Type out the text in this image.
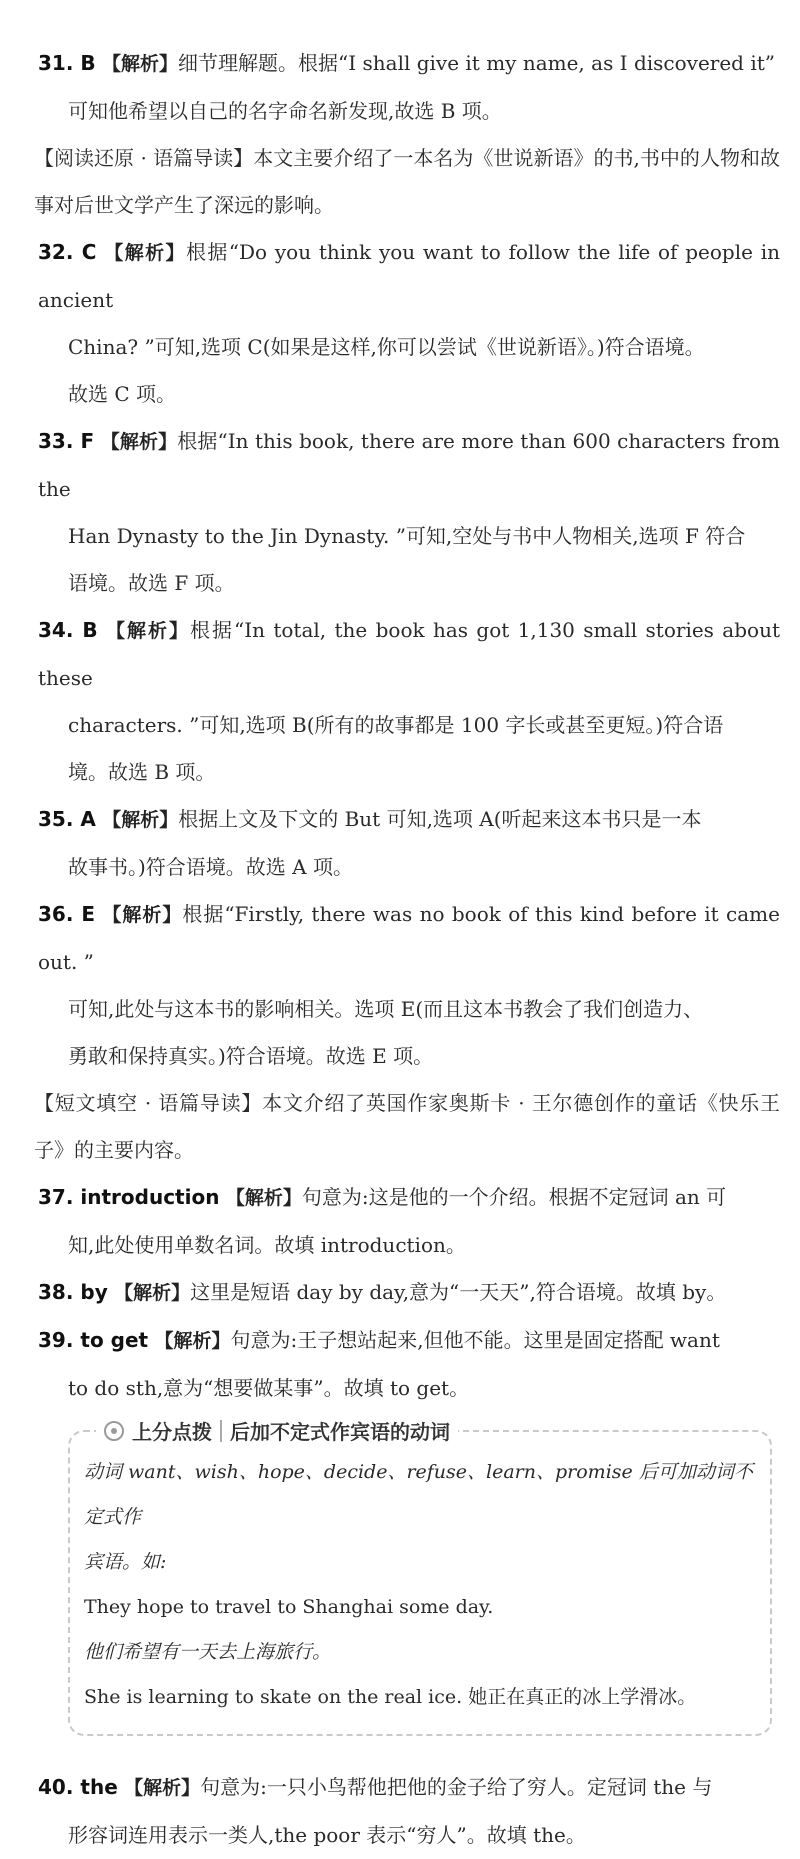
31. B 【解析】细节理解题。根据“I shall give it my name, as I discovered it”
可知他希望以自己的名字命名新发现,故选 B 项。
【阅读还原 · 语篇导读】本文主要介绍了一本名为《世说新语》的书,书中的人物和故事对后世文学产生了深远的影响。
32. C 【解析】根据“Do you think you want to follow the life of people in ancient
China? ”可知,选项 C(如果是这样,你可以尝试《世说新语》。)符合语境。
故选 C 项。
33. F 【解析】根据“In this book, there are more than 600 characters from the
Han Dynasty to the Jin Dynasty. ”可知,空处与书中人物相关,选项 F 符合
语境。故选 F 项。
34. B 【解析】根据“In total, the book has got 1,130 small stories about these
characters. ”可知,选项 B(所有的故事都是 100 字长或甚至更短。)符合语
境。故选 B 项。
35. A 【解析】根据上文及下文的 But 可知,选项 A(听起来这本书只是一本
故事书。)符合语境。故选 A 项。
36. E 【解析】根据“Firstly, there was no book of this kind before it came out. ”
可知,此处与这本书的影响相关。选项 E(而且这本书教会了我们创造力、
勇敢和保持真实。)符合语境。故选 E 项。
【短文填空 · 语篇导读】本文介绍了英国作家奥斯卡 · 王尔德创作的童话《快乐王子》的主要内容。
37. introduction 【解析】句意为:这是他的一个介绍。根据不定冠词 an 可
知,此处使用单数名词。故填 introduction。
38. by 【解析】这里是短语 day by day,意为“一天天”,符合语境。故填 by。
39. to get 【解析】句意为:王子想站起来,但他不能。这里是固定搭配 want
to do sth,意为“想要做某事”。故填 to get。
上分点拨 后加不定式作宾语的动词
动词 want、wish、hope、decide、refuse、learn、promise 后可加动词不定式作
宾语。如:
They hope to travel to Shanghai some day.
他们希望有一天去上海旅行。
She is learning to skate on the real ice. 她正在真正的冰上学滑冰。
40. the 【解析】句意为:一只小鸟帮他把他的金子给了穷人。定冠词 the 与
形容词连用表示一类人,the poor 表示“穷人”。故填 the。
